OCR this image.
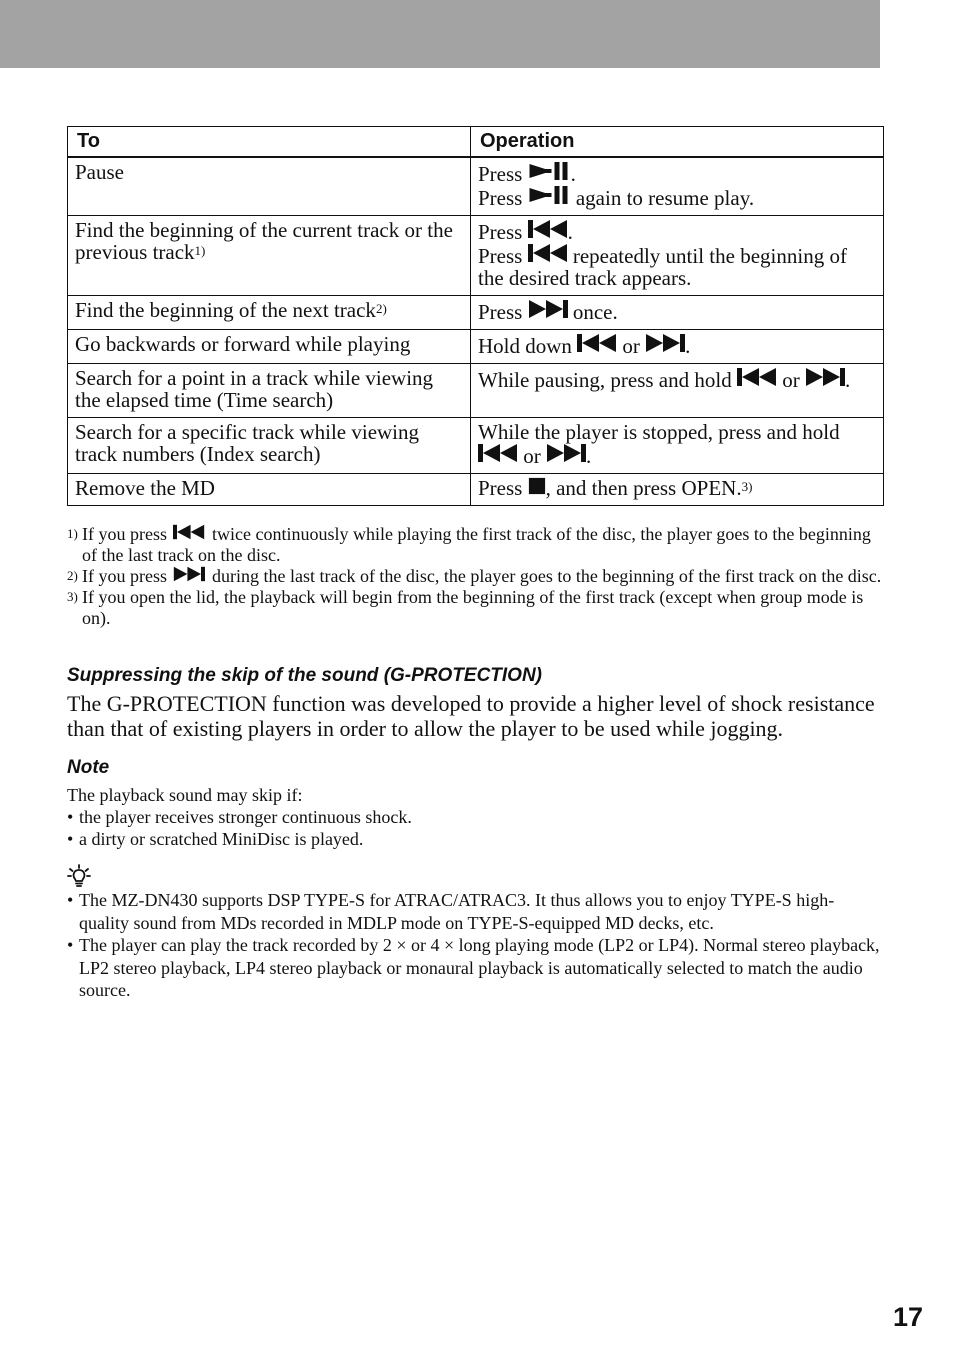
To	Operation
Pause	Press
.
Press
again to resume play.

Find the beginning of the current track or the previous track$^{1)}$	Press
.
Press
repeatedly until the beginning of the desired track appears.

Find the beginning of the next track$^{2)}$	Press
once.
Go backwards or forward while playing	Hold down
or
.
Search for a point in a track while viewing the elapsed time (Time search)	While pausing, press and hold
or
.
Search for a specific track while viewing track numbers (Index search)	While the player is stopped, press and hold
or
.
Remove the MD	Press
, and then press OPEN.$^{3)}$
1) If you press
twice continuously while playing the first track of the disc, the player goes to the beginning of the last track on the disc.
2) If you press
during the last track of the disc, the player goes to the beginning of the first track on the disc.
3) If you open the lid, the playback will begin from the beginning of the first track (except when group mode is on).
Suppressing the skip of the sound (G-PROTECTION)

The G-PROTECTION function was developed to provide a higher level of shock resistance than that of existing players in order to allow the player to be used while jogging.

Note
The playback sound may skip if:
• the player receives stronger continuous shock.
• a dirty or scratched MiniDisc is played.
• The MZ-DN430 supports DSP TYPE-S for ATRAC/ATRAC3. It thus allows you to enjoy TYPE-S high-quality sound from MDs recorded in MDLP mode on TYPE-S-equipped MD decks, etc.
• The player can play the track recorded by 2 × or 4 × long playing mode (LP2 or LP4). Normal stereo playback, LP2 stereo playback, LP4 stereo playback or monaural playback is automatically selected to match the audio source.
17
